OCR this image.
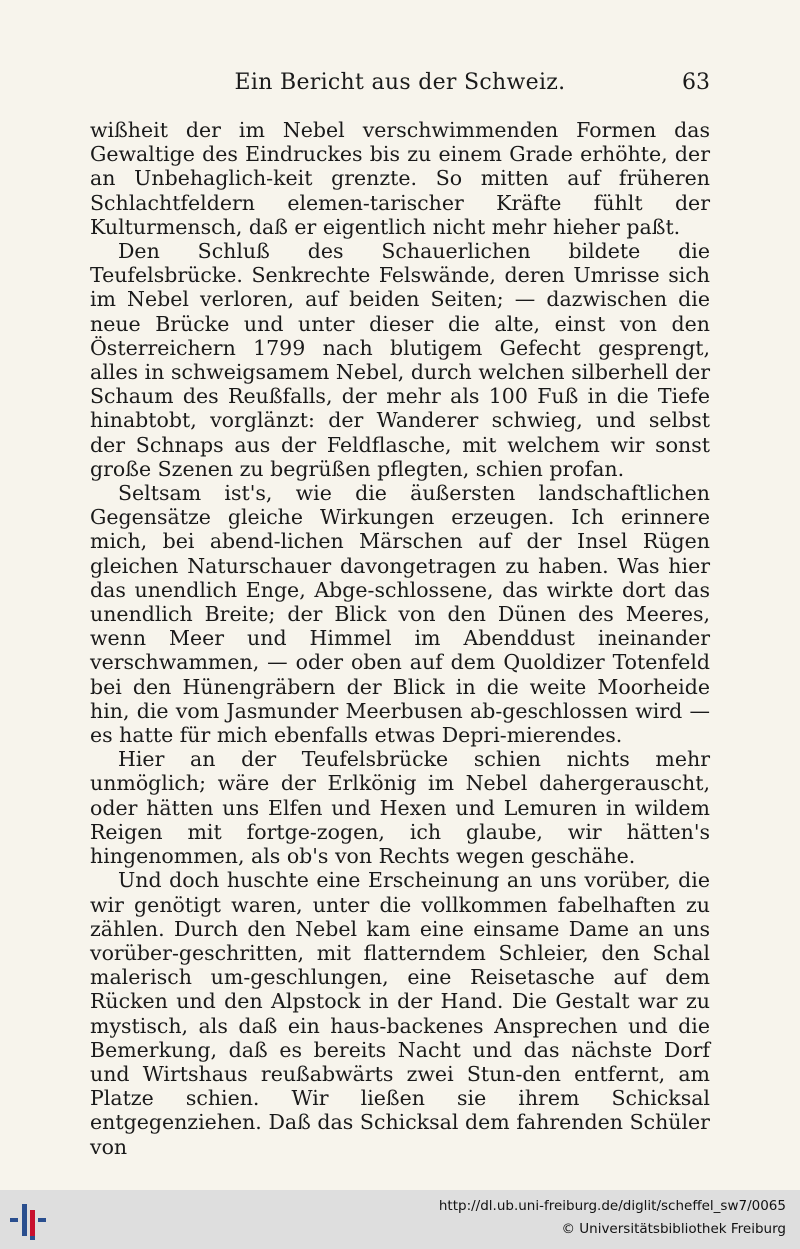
Ein Bericht aus der Schweiz.	63

wißheit der im Nebel verschwimmenden Formen das Gewaltige des Eindruckes bis zu einem Grade erhöhte, der an Unbehaglich-keit grenzte. So mitten auf früheren Schlachtfeldern elemen-tarischer Kräfte fühlt der Kulturmensch, daß er eigentlich nicht mehr hieher paßt.

Den Schluß des Schauerlichen bildete die Teufelsbrücke. Senkrechte Felswände, deren Umrisse sich im Nebel verloren, auf beiden Seiten; — dazwischen die neue Brücke und unter dieser die alte, einst von den Österreichern 1799 nach blutigem Gefecht gesprengt, alles in schweigsamem Nebel, durch welchen silberhell der Schaum des Reußfalls, der mehr als 100 Fuß in die Tiefe hinabtobt, vorglänzt: der Wanderer schwieg, und selbst der Schnaps aus der Feldflasche, mit welchem wir sonst große Szenen zu begrüßen pflegten, schien profan.

Seltsam ist's, wie die äußersten landschaftlichen Gegensätze gleiche Wirkungen erzeugen. Ich erinnere mich, bei abend-lichen Märschen auf der Insel Rügen gleichen Naturschauer davongetragen zu haben. Was hier das unendlich Enge, Abge-schlossene, das wirkte dort das unendlich Breite; der Blick von den Dünen des Meeres, wenn Meer und Himmel im Abenddust ineinander verschwammen, — oder oben auf dem Quoldizer Totenfeld bei den Hünengräbern der Blick in die weite Moorheide hin, die vom Jasmunder Meerbusen ab-geschlossen wird — es hatte für mich ebenfalls etwas Depri-mierendes.

Hier an der Teufelsbrücke schien nichts mehr unmöglich; wäre der Erlkönig im Nebel dahergerauscht, oder hätten uns Elfen und Hexen und Lemuren in wildem Reigen mit fortge-zogen, ich glaube, wir hätten's hingenommen, als ob's von Rechts wegen geschähe.

Und doch huschte eine Erscheinung an uns vorüber, die wir genötigt waren, unter die vollkommen fabelhaften zu zählen. Durch den Nebel kam eine einsame Dame an uns vorüber-geschritten, mit flatterndem Schleier, den Schal malerisch um-geschlungen, eine Reisetasche auf dem Rücken und den Alpstock in der Hand. Die Gestalt war zu mystisch, als daß ein haus-backenes Ansprechen und die Bemerkung, daß es bereits Nacht und das nächste Dorf und Wirtshaus reußabwärts zwei Stun-den entfernt, am Platze schien. Wir ließen sie ihrem Schicksal entgegenziehen. Daß das Schicksal dem fahrenden Schüler von

http://dl.ub.uni-freiburg.de/diglit/scheffel_sw7/0065
© Universitätsbibliothek Freiburg
